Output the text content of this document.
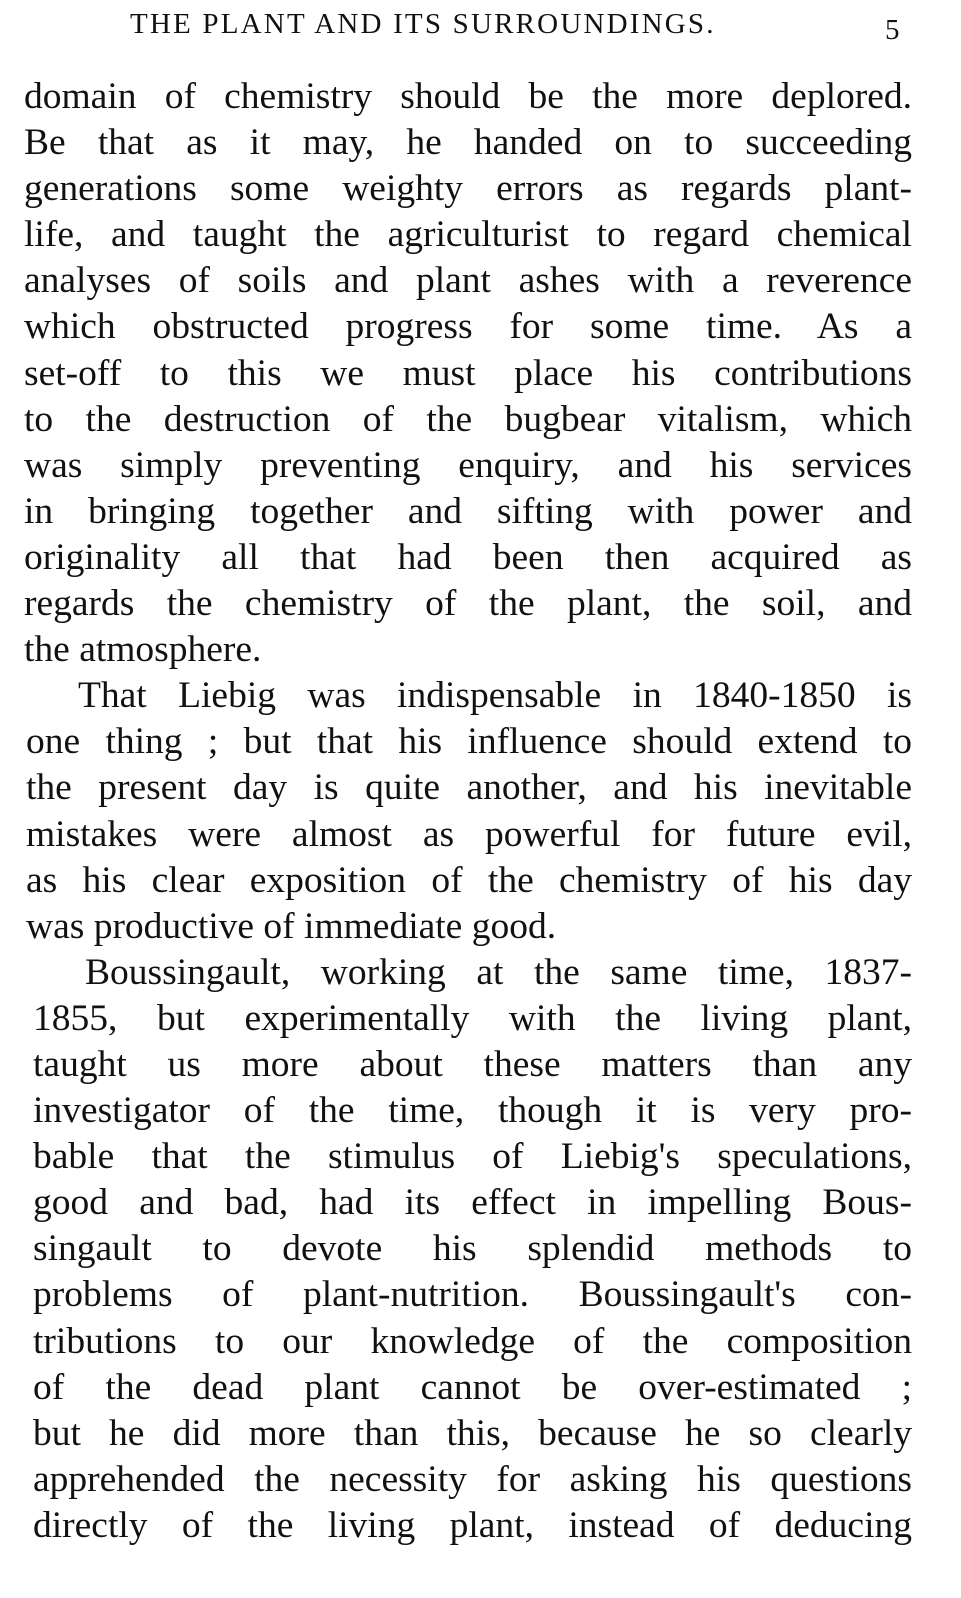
THE PLANT AND ITS SURROUNDINGS.	5
domain of chemistry should be the more deplored.
Be that as it may, he handed on to succeeding
generations some weighty errors as regards plant-
life, and taught the agriculturist to regard chemical
analyses of soils and plant ashes with a reverence
which obstructed progress for some time. As a
set-off to this we must place his contributions
to the destruction of the bugbear vitalism, which
was simply preventing enquiry, and his services
in bringing together and sifting with power and
originality all that had been then acquired as
regards the chemistry of the plant, the soil, and
the atmosphere.
That Liebig was indispensable in 1840-1850 is
one thing ; but that his influence should extend to
the present day is quite another, and his inevitable
mistakes were almost as powerful for future evil,
as his clear exposition of the chemistry of his day
was productive of immediate good.
Boussingault, working at the same time, 1837-
1855, but experimentally with the living plant,
taught us more about these matters than any
investigator of the time, though it is very pro-
bable that the stimulus of Liebig's speculations,
good and bad, had its effect in impelling Bous-
singault to devote his splendid methods to
problems of plant-nutrition. Boussingault's con-
tributions to our knowledge of the composition
of the dead plant cannot be over-estimated ;
but he did more than this, because he so clearly
apprehended the necessity for asking his questions
directly of the living plant, instead of deducing
